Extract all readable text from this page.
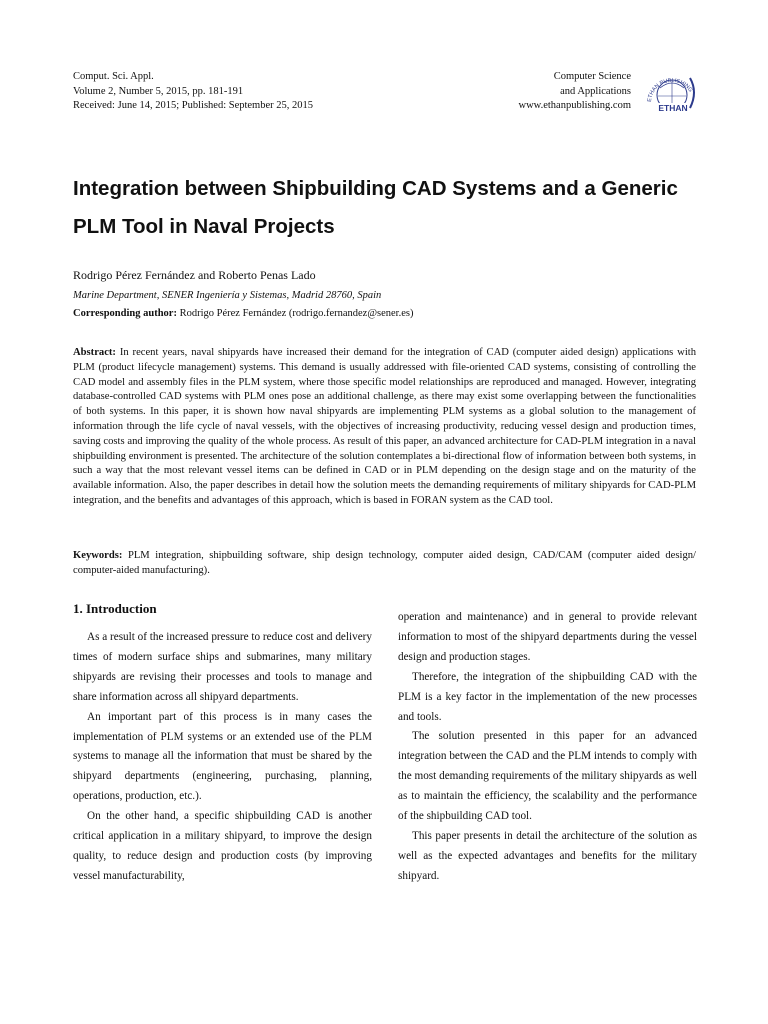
Comput. Sci. Appl.
Volume 2, Number 5, 2015, pp. 181-191
Received: June 14, 2015; Published: September 25, 2015
Computer Science
and Applications
www.ethanpublishing.com	ETHAN PUBLISHING
ETHAN
Integration between Shipbuilding CAD Systems and a Generic PLM Tool in Naval Projects
Rodrigo Pérez Fernández and Roberto Penas Lado
Marine Department, SENER Ingeniería y Sistemas, Madrid 28760, Spain
Corresponding author: Rodrigo Pérez Fernández (rodrigo.fernandez@sener.es)

Abstract: In recent years, naval shipyards have increased their demand for the integration of CAD (computer aided design) applications with PLM (product lifecycle management) systems. This demand is usually addressed with file-oriented CAD systems, consisting of controlling the CAD model and assembly files in the PLM system, where those specific model relationships are reproduced and managed. However, integrating database-controlled CAD systems with PLM ones pose an additional challenge, as there may exist some overlapping between the functionalities of both systems. In this paper, it is shown how naval shipyards are implementing PLM systems as a global solution to the management of information through the life cycle of naval vessels, with the objectives of increasing productivity, reducing vessel design and production times, saving costs and improving the quality of the whole process. As result of this paper, an advanced architecture for CAD-PLM integration in a naval shipbuilding environment is presented. The architecture of the solution contemplates a bi-directional flow of information between both systems, in such a way that the most relevant vessel items can be defined in CAD or in PLM depending on the design stage and on the maturity of the available information. Also, the paper describes in detail how the solution meets the demanding requirements of military shipyards for CAD-PLM integration, and the benefits and advantages of this approach, which is based in FORAN system as the CAD tool.

Keywords: PLM integration, shipbuilding software, ship design technology, computer aided design, CAD/CAM (computer aided design/ computer-aided manufacturing).

1. Introduction

As a result of the increased pressure to reduce cost and delivery times of modern surface ships and submarines, many military shipyards are revising their processes and tools to manage and share information across all shipyard departments.

An important part of this process is in many cases the implementation of PLM systems or an extended use of the PLM systems to manage all the information that must be shared by the shipyard departments (engineering, purchasing, planning, operations, production, etc.).

On the other hand, a specific shipbuilding CAD is another critical application in a military shipyard, to improve the design quality, to reduce design and production costs (by improving vessel manufacturability,

operation and maintenance) and in general to provide relevant information to most of the shipyard departments during the vessel design and production stages.

Therefore, the integration of the shipbuilding CAD with the PLM is a key factor in the implementation of the new processes and tools.

The solution presented in this paper for an advanced integration between the CAD and the PLM intends to comply with the most demanding requirements of the military shipyards as well as to maintain the efficiency, the scalability and the performance of the shipbuilding CAD tool.

This paper presents in detail the architecture of the solution as well as the expected advantages and benefits for the military shipyard.
